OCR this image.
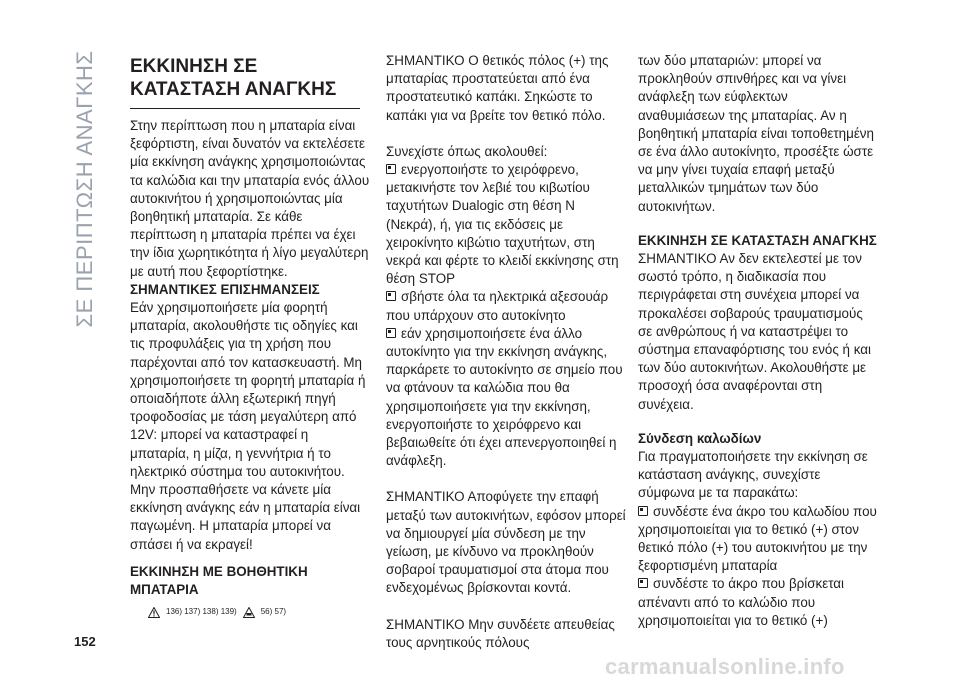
ΣΕ ΠΕΡΙΠΤΩΣΗ ΑΝΑΓΚΗΣ ΕΚΚΙΝΗΣΗ ΣΕ ΚΑΤΑΣΤΑΣΗ ΑΝΑΓΚΗΣ

Στην περίπτωση που η μπαταρία είναι ξεφόρτιστη, είναι δυνατόν να εκτελέσετε μία εκκίνηση ανάγκης χρησιμοποιώντας τα καλώδια και την μπαταρία ενός άλλου αυτοκινήτου ή χρησιμοποιώντας μία βοηθητική μπαταρία. Σε κάθε περίπτωση η μπαταρία πρέπει να έχει την ίδια χωρητικότητα ή λίγο μεγαλύτερη με αυτή που ξεφορτίστηκε.

ΣΗΜΑΝΤΙΚΕΣ ΕΠΙΣΗΜΑΝΣΕΙΣ

Εάν χρησιμοποιήσετε μία φορητή μπαταρία, ακολουθήστε τις οδηγίες και τις προφυλάξεις για τη χρήση που παρέχονται από τον κατασκευαστή. Μη χρησιμοποιήσετε τη φορητή μπαταρία ή οποιαδήποτε άλλη εξωτερική πηγή τροφοδοσίας με τάση μεγαλύτερη από 12V: μπορεί να καταστραφεί η μπαταρία, η μίζα, η γεννήτρια ή το ηλεκτρικό σύστημα του αυτοκινήτου.

Μην προσπαθήσετε να κάνετε μία εκκίνηση ανάγκης εάν η μπαταρία είναι παγωμένη. Η μπαταρία μπορεί να σπάσει ή να εκραγεί!

ΕΚΚΙΝΗΣΗ ΜΕ ΒΟΗΘΗΤΙΚΗ ΜΠΑΤΑΡΙΑ
136) 137) 138) 139)	56) 57)

ΣΗΜΑΝΤΙΚΟ Ο θετικός πόλος (+) της μπαταρίας προστατεύεται από ένα προστατευτικό καπάκι. Σηκώστε το καπάκι για να βρείτε τον θετικό πόλο.

Συνεχίστε όπως ακολουθεί:

ενεργοποιήστε το χειρόφρενο, μετακινήστε τον λεβιέ του κιβωτίου ταχυτήτων Dualogic στη θέση N (Νεκρά), ή, για τις εκδόσεις με χειροκίνητο κιβώτιο ταχυτήτων, στη νεκρά και φέρτε το κλειδί εκκίνησης στη θέση STOP

σβήστε όλα τα ηλεκτρικά αξεσουάρ που υπάρχουν στο αυτοκίνητο

εάν χρησιμοποιήσετε ένα άλλο αυτοκίνητο για την εκκίνηση ανάγκης, παρκάρετε το αυτοκίνητο σε σημείο που να φτάνουν τα καλώδια που θα χρησιμοποιήσετε για την εκκίνηση, ενεργοποιήστε το χειρόφρενο και βεβαιωθείτε ότι έχει απενεργοποιηθεί η ανάφλεξη.

ΣΗΜΑΝΤΙΚΟ Αποφύγετε την επαφή μεταξύ των αυτοκινήτων, εφόσον μπορεί να δημιουργεί μία σύνδεση με την γείωση, με κίνδυνο να προκληθούν σοβαροί τραυματισμοί στα άτομα που ενδεχομένως βρίσκονται κοντά.

ΣΗΜΑΝΤΙΚΟ Μην συνδέετε απευθείας τους αρνητικούς πόλους

των δύο μπαταριών: μπορεί να προκληθούν σπινθήρες και να γίνει ανάφλεξη των εύφλεκτων αναθυμιάσεων της μπαταρίας. Αν η βοηθητική μπαταρία είναι τοποθετημένη σε ένα άλλο αυτοκίνητο, προσέξτε ώστε να μην γίνει τυχαία επαφή μεταξύ μεταλλικών τμημάτων των δύο αυτοκινήτων.

ΕΚΚΙΝΗΣΗ ΣΕ ΚΑΤΑΣΤΑΣΗ ΑΝΑΓΚΗΣ

ΣΗΜΑΝΤΙΚΟ Αν δεν εκτελεστεί με τον σωστό τρόπο, η διαδικασία που περιγράφεται στη συνέχεια μπορεί να προκαλέσει σοβαρούς τραυματισμούς σε ανθρώπους ή να καταστρέψει το σύστημα επαναφόρτισης του ενός ή και των δύο αυτοκινήτων. Ακολουθήστε με προσοχή όσα αναφέρονται στη συνέχεια.

Σύνδεση καλωδίων

Για πραγματοποιήσετε την εκκίνηση σε κατάσταση ανάγκης, συνεχίστε σύμφωνα με τα παρακάτω:

συνδέστε ένα άκρο του καλωδίου που χρησιμοποιείται για το θετικό (+) στον θετικό πόλο (+) του αυτοκινήτου με την ξεφορτισμένη μπαταρία

συνδέστε το άκρο που βρίσκεται απέναντι από το καλώδιο που χρησιμοποιείται για το θετικό (+)

152
carmanualsonline.info
